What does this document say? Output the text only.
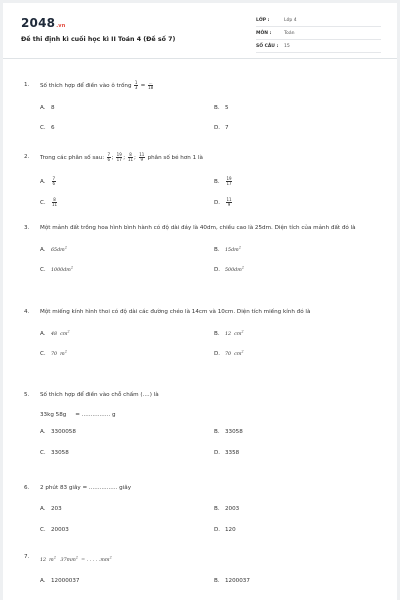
2048.vn
Đề thi định kì cuối học kì II Toán 4 (Đề số 7)
LỚP :	Lớp 4
MÔN :	Toán
SỐ CÂU :	15
1.	Số thích hợp để điền vào ô trống $\frac{1}{3} = \frac{...}{18}$
A. 8	B. 5
C. 6	D. 7
2.	Trong các phân số sau: $\frac{7}{6}$ ; $\frac{19}{17}$ ; $\frac{8}{11}$ ; $\frac{11}{9}$ phân số bé hơn 1 là
A. $\frac{7}{6}$	B. $\frac{19}{17}$
C. $\frac{8}{11}$	D. $\frac{11}{9}$
3.	Một mảnh đất trồng hoa hình bình hành có độ dài đáy là 40dm, chiều cao là 25dm. Diện tích của mảnh đất đó là
A. $65dm^2$	B. $15dm^2$
C. $1000dm^2$	D. $500dm^2$
4.	Một miếng kính hình thoi có độ dài các đường chéo là 14cm và 10cm. Diện tích miếng kính đó là
A. 48 $cm^2$	B. 12 $cm^2$
C. 70 $m^2$	D. 70 $cm^2$
5.	Số thích hợp để điền vào chỗ chấm (....) là
33kg 58g = ................ g
A. 3300058	B. 33058
C. 33058	D. 3358
6.	2 phút 83 giây = ................ giây
A. 203	B. 2003
C. 20003	D. 120
7.
12 $m^2$   $37mm^2$  = . . . . $.mm^2$
A. 12000037	B. 1200037
